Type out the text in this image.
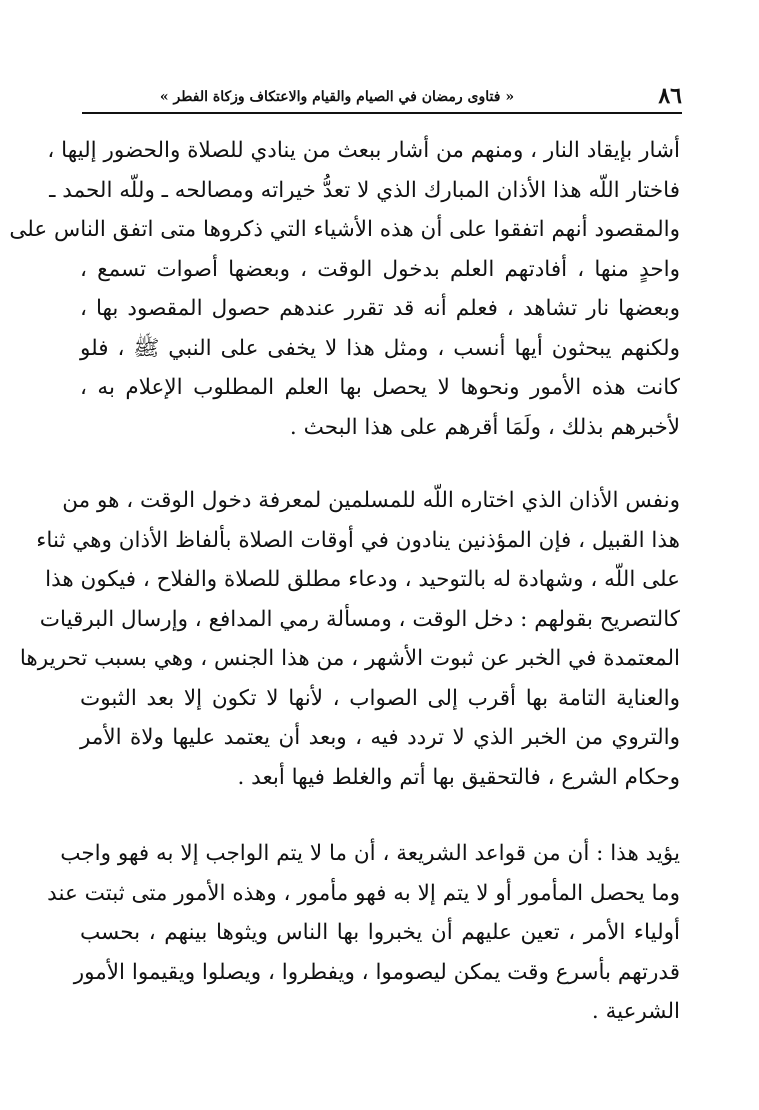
٨٦
« فتاوى رمضان في الصيام والقيام والاعتكاف وزكاة الفطر »
أشار بإيقاد النار ، ومنهم من أشار ببعث من ينادي للصلاة والحضور إليها ،
فاختار اللّه هذا الأذان المبارك الذي لا تعدُّ خيراته ومصالحه ـ وللّه الحمد ـ
والمقصود أنهم اتفقوا على أن هذه الأشياء التي ذكروها متى اتفق الناس على
واحدٍ منها ، أفادتهم العلم بدخول الوقت ، وبعضها أصوات تسمع ،
وبعضها نار تشاهد ، فعلم أنه قد تقرر عندهم حصول المقصود بها ،
ولكنهم يبحثون أيها أنسب ، ومثل هذا لا يخفى على النبي ﷺ ، فلو
كانت هذه الأمور ونحوها لا يحصل بها العلم المطلوب الإعلام به ،
لأخبرهم بذلك ، ولَمَا أقرهم على هذا البحث .
ونفس الأذان الذي اختاره اللّه للمسلمين لمعرفة دخول الوقت ، هو من
هذا القبيل ، فإن المؤذنين ينادون في أوقات الصلاة بألفاظ الأذان وهي ثناء
على اللّه ، وشهادة له بالتوحيد ، ودعاء مطلق للصلاة والفلاح ، فيكون هذا
كالتصريح بقولهم : دخل الوقت ، ومسألة رمي المدافع ، وإرسال البرقيات
المعتمدة في الخبر عن ثبوت الأشهر ، من هذا الجنس ، وهي بسبب تحريرها
والعناية التامة بها أقرب إلى الصواب ، لأنها لا تكون إلا بعد الثبوت
والتروي من الخبر الذي لا تردد فيه ، وبعد أن يعتمد عليها ولاة الأمر
وحكام الشرع ، فالتحقيق بها أتم والغلط فيها أبعد .
يؤيد هذا : أن من قواعد الشريعة ، أن ما لا يتم الواجب إلا به فهو واجب
وما يحصل المأمور أو لا يتم إلا به فهو مأمور ، وهذه الأمور متى ثبتت عند
أولياء الأمر ، تعين عليهم أن يخبروا بها الناس ويثوها بينهم ، بحسب
قدرتهم بأسرع وقت يمكن ليصوموا ، ويفطروا ، ويصلوا ويقيموا الأمور
الشرعية .
